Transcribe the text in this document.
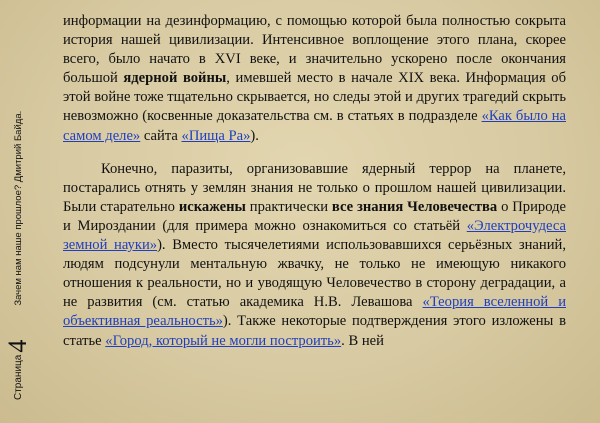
Страница
4
Зачем нам наше прошлое? Дмитрий Байда.

информации на дезинформацию, с помощью которой была полностью сокрыта история нашей цивилизации. Интенсивное воплощение этого плана, скорее всего, было начато в XVI веке, и значительно ускорено после окончания большой ядерной войны, имевшей место в начале XIX века. Информация об этой войне тоже тщательно скрывается, но следы этой и других трагедий скрыть невозможно (косвенные доказательства см. в статьях в подразделе «Как было на самом деле» сайта «Пища Ра»).

Конечно, паразиты, организовавшие ядерный террор на планете, постарались отнять у землян знания не только о прошлом нашей цивилизации. Были старательно искажены практически все знания Человечества о Природе и Мироздании (для примера можно ознакомиться со статьёй «Электрочудеса земной науки»). Вместо тысячелетиями использовавшихся серьёзных знаний, людям подсунули ментальную жвачку, не только не имеющую никакого отношения к реальности, но и уводящую Человечество в сторону деградации, а не развития (см. статью академика Н.В. Левашова «Теория вселенной и объективная реальность»). Также некоторые подтверждения этого изложены в статье «Город, который не могли построить». В ней
